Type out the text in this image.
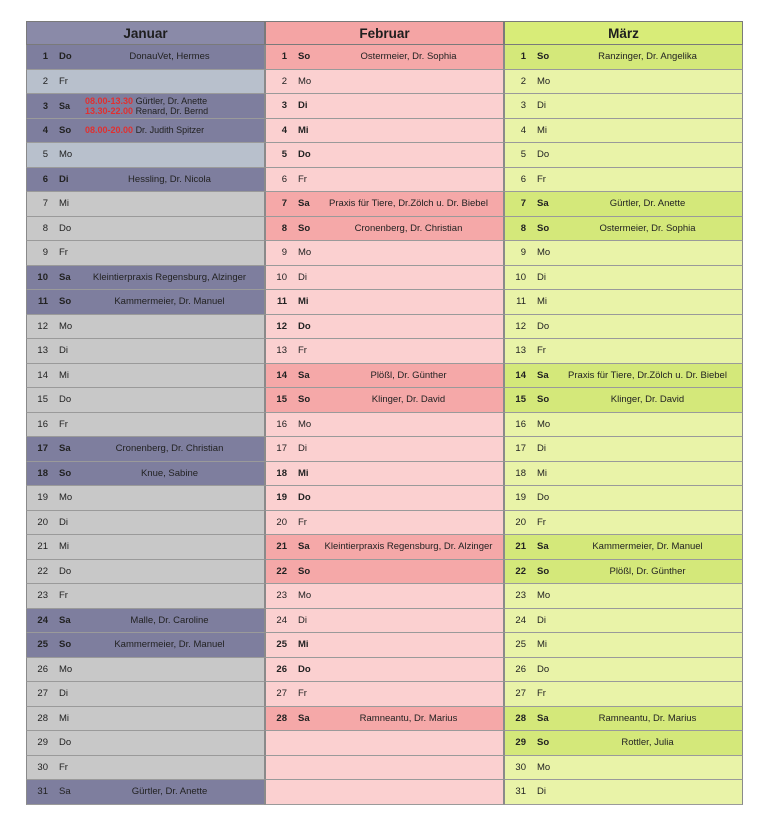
Januar
1	Do	DonauVet, Hermes
2	Fr
3	Sa	08.00-13.30 Gürtler, Dr. Anette
13.30-22.00 Renard, Dr. Bernd
4	So	08.00-20.00 Dr. Judith Spitzer
5	Mo
6	Di	Hessling, Dr. Nicola
7	Mi
8	Do
9	Fr
10	Sa	Kleintierpraxis Regensburg, Alzinger
11	So	Kammermeier, Dr. Manuel
12	Mo
13	Di
14	Mi
15	Do
16	Fr
17	Sa	Cronenberg, Dr. Christian
18	So	Knue, Sabine
19	Mo
20	Di
21	Mi
22	Do
23	Fr
24	Sa	Malle, Dr. Caroline
25	So	Kammermeier, Dr. Manuel
26	Mo
27	Di
28	Mi
29	Do
30	Fr
31	Sa	Gürtler, Dr. Anette
Februar
1	So	Ostermeier, Dr. Sophia
2	Mo
3	Di
4	Mi
5	Do
6	Fr
7	Sa	Praxis für Tiere, Dr.Zölch u. Dr. Biebel
8	So	Cronenberg, Dr. Christian
9	Mo
10	Di
11	Mi
12	Do
13	Fr
14	Sa	Plößl, Dr. Günther
15	So	Klinger, Dr. David
16	Mo
17	Di
18	Mi
19	Do
20	Fr
21	Sa	Kleintierpraxis Regensburg, Dr. Alzinger
22	So
23	Mo
24	Di
25	Mi
26	Do
27	Fr
28	Sa	Ramneantu, Dr. Marius
März
1	So	Ranzinger, Dr. Angelika
2	Mo
3	Di
4	Mi
5	Do
6	Fr
7	Sa	Gürtler, Dr. Anette
8	So	Ostermeier, Dr. Sophia
9	Mo
10	Di
11	Mi
12	Do
13	Fr
14	Sa	Praxis für Tiere, Dr.Zölch u. Dr. Biebel
15	So	Klinger, Dr. David
16	Mo
17	Di
18	Mi
19	Do
20	Fr
21	Sa	Kammermeier, Dr. Manuel
22	So	Plößl, Dr. Günther
23	Mo
24	Di
25	Mi
26	Do
27	Fr
28	Sa	Ramneantu, Dr. Marius
29	So	Rottler, Julia
30	Mo
31	Di
